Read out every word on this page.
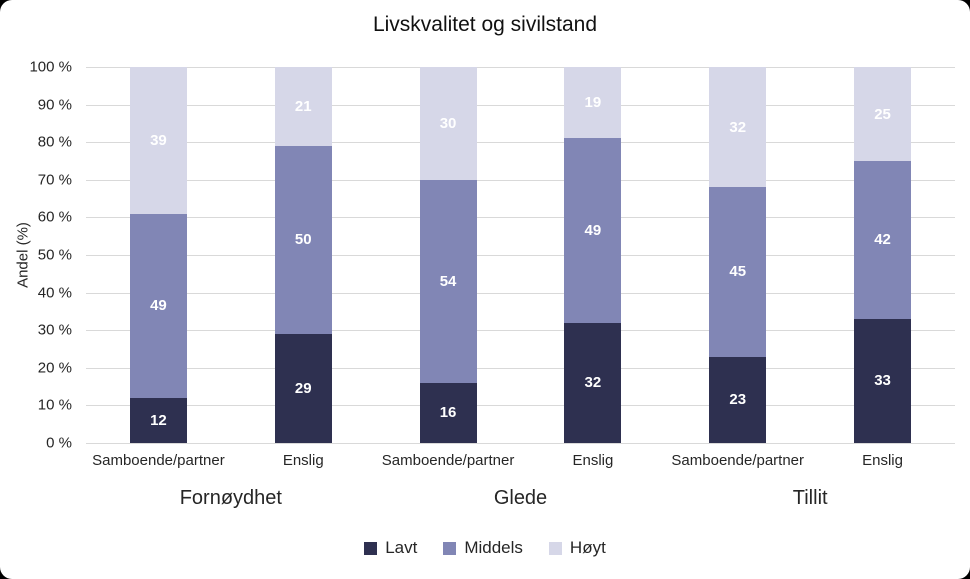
Livskvalitet og sivilstand
Andel (%)
0 %
10 %
20 %
30 %
40 %
50 %
60 %
70 %
80 %
90 %
100 %
12
49
39
29
50
21
16
54
30
32
49
19
23
45
32
33
42
25
Samboende/partner	Enslig	Samboende/partner	Enslig	Samboende/partner	Enslig
Fornøydhet	Glede	Tillit
Lavt	Middels	Høyt
